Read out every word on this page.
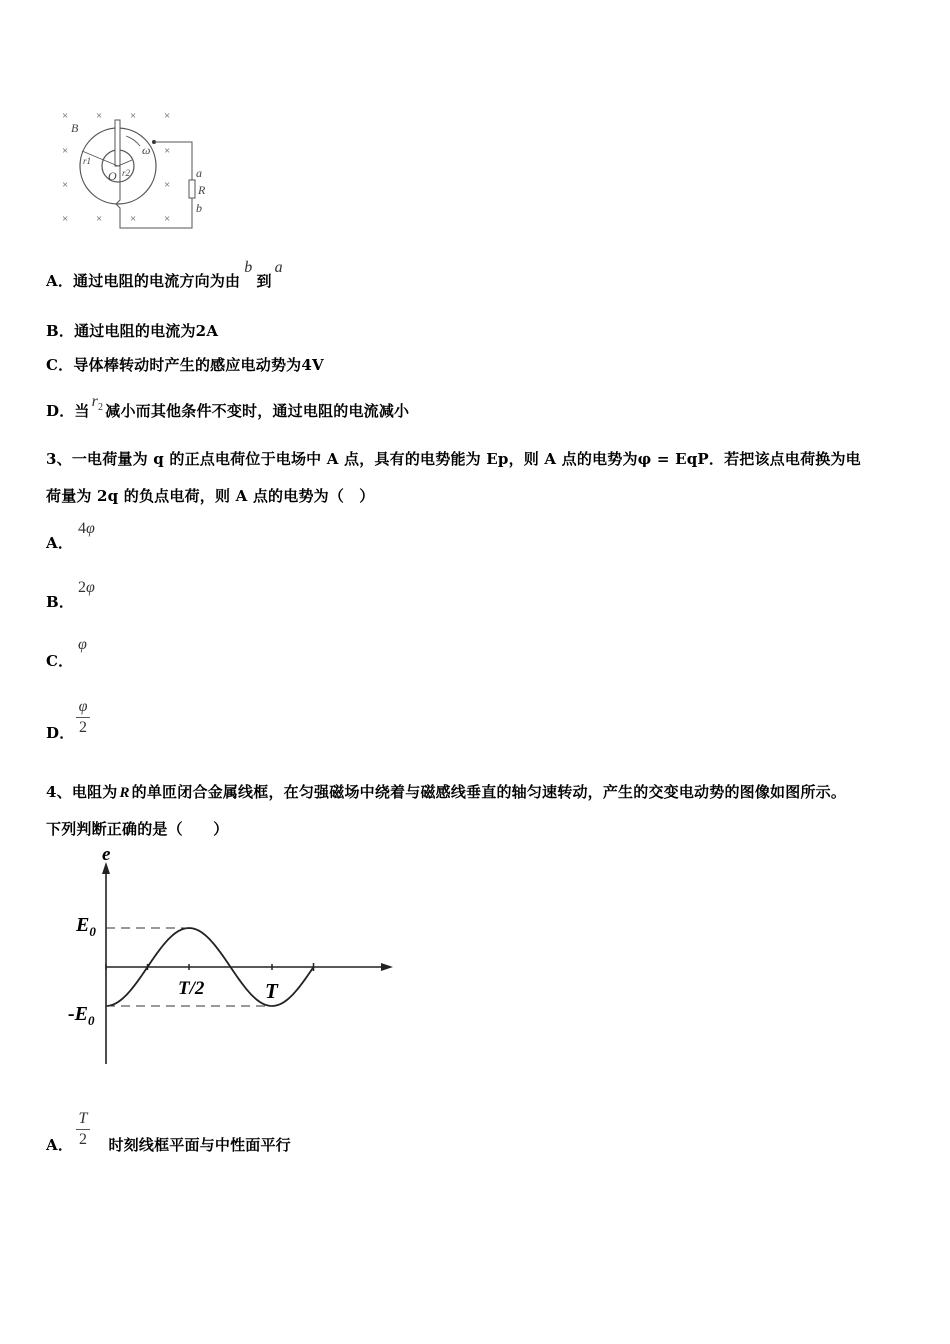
×	×	×	×
×	×
×	×
×	×	×	×
B
r1
ω
O r2	a
R
b
A．通过电阻的电流方向为由b到a
B．通过电阻的电流为2A
C．导体棒转动时产生的感应电动势为4V
D．当$r_2$ 减小而其他条件不变时，通过电阻的电流减小
3、一电荷量为 q 的正点电荷位于电场中 A 点，具有的电势能为 Ep，则 A 点的电势为φ = EqP．若把该点电荷换为电
荷量为 2q 的负点电荷，则 A 点的电势为（　）
A．
4φ
B．
2φ
C．
φ
D．
φ
2
4、电阻为 R 的单匝闭合金属线框，在匀强磁场中绕着与磁感线垂直的轴匀速转动，产生的交变电动势的图像如图所示。
下列判断正确的是（　　）
e
$E_0$
$-E_0$
T/2	T
A． 时刻线框平面与中性面平行
T
2
